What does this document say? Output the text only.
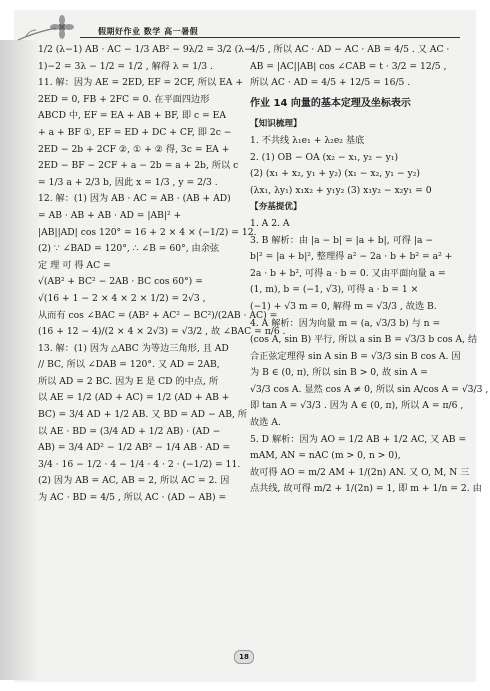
假期好作业 数学 高一暑假

1/2 (λ−1) AB · AC − 1/3 AB² − 9λ/2 = 3/2 (λ−

1)−2 = 3λ − 1/2 = 1/2 , 解得 λ = 1/3 .

11. 解：因为 AE = 2ED, EF = 2CF, 所以 EA +

2ED = 0, FB + 2FC = 0. 在平面四边形

ABCD 中, EF = EA + AB + BF, 即 c = EA

+ a + BF ①, EF = ED + DC + CF, 即 2c −

2ED − 2b + 2CF ②, ① + ② 得, 3c = EA +

2ED − BF − 2CF + a − 2b = a + 2b, 所以 c

= 1/3 a + 2/3 b, 因此 x = 1/3 , y = 2/3 .

12. 解：(1) 因为 AB · AC = AB · (AB + AD)

= AB · AB + AB · AD = |AB|² +

|AB||AD| cos 120° = 16 + 2 × 4 × (−1/2) = 12.

(2) ∵ ∠BAD = 120°, ∴ ∠B = 60°, 由余弦

定 理 可 得 AC =

√(AB² + BC² − 2AB · BC cos 60°) =

√(16 + 1 − 2 × 4 × 2 × 1/2) = 2√3 ,

从而有 cos ∠BAC = (AB² + AC² − BC²)/(2AB · AC) =

(16 + 12 − 4)/(2 × 4 × 2√3) = √3/2 , 故 ∠BAC = π/6 .

13. 解：(1) 因为 △ABC 为等边三角形, 且 AD

// BC, 所以 ∠DAB = 120°. 又 AD = 2AB,

所以 AD = 2 BC. 因为 E 是 CD 的中点, 所

以 AE = 1/2 (AD + AC) = 1/2 (AD + AB +

BC) = 3/4 AD + 1/2 AB. 又 BD = AD − AB, 所

以 AE · BD = (3/4 AD + 1/2 AB) · (AD −

AB) = 3/4 AD² − 1/2 AB² − 1/4 AB · AD =

3/4 · 16 − 1/2 · 4 − 1/4 · 4 · 2 · (−1/2) = 11.

(2) 因为 AB = AC, AB = 2, 所以 AC = 2. 因

为 AC · BD = 4/5 , 所以 AC · (AD − AB) =

4/5 , 所以 AC · AD − AC · AB = 4/5 . 又 AC ·

AB = |AC||AB| cos ∠CAB = t · 3/2 = 12/5 ,

所以 AC · AD = 4/5 + 12/5 = 16/5 .

作业 14 向量的基本定理及坐标表示

【知识梳理】

1. 不共线 λ₁e₁ + λ₂e₂ 基底

2. (1) OB − OA (x₂ − x₁, y₂ − y₁)

(2) (x₁ + x₂, y₁ + y₂) (x₁ − x₂, y₁ − y₂)

(λx₁, λy₁) x₁x₂ + y₁y₂ (3) x₁y₂ − x₂y₁ = 0

【夯基提优】

1. A 2. A

3. B 解析：由 |a − b| = |a + b|, 可得 |a −

b|² = |a + b|², 整理得 a² − 2a · b + b² = a² +

2a · b + b², 可得 a · b = 0. 又由平面向量 a =

(1, m), b = (−1, √3), 可得 a · b = 1 ×

(−1) + √3 m = 0, 解得 m = √3/3 , 故选 B.

4. A 解析：因为向量 m = (a, √3/3 b) 与 n =

(cos A, sin B) 平行, 所以 a sin B = √3/3 b cos A, 结

合正弦定理得 sin A sin B = √3/3 sin B cos A. 因

为 B ∈ (0, π), 所以 sin B > 0, 故 sin A =

√3/3 cos A. 显然 cos A ≠ 0, 所以 sin A/cos A = √3/3 ,

即 tan A = √3/3 . 因为 A ∈ (0, π), 所以 A = π/6 ,

故选 A.

5. D 解析：因为 AO = 1/2 AB + 1/2 AC, 又 AB =

mAM, AN = nAC (m > 0, n > 0),

故可得 AO = m/2 AM + 1/(2n) AN. 又 O, M, N 三

点共线, 故可得 m/2 + 1/(2n) = 1, 即 m + 1/n = 2. 由

18
